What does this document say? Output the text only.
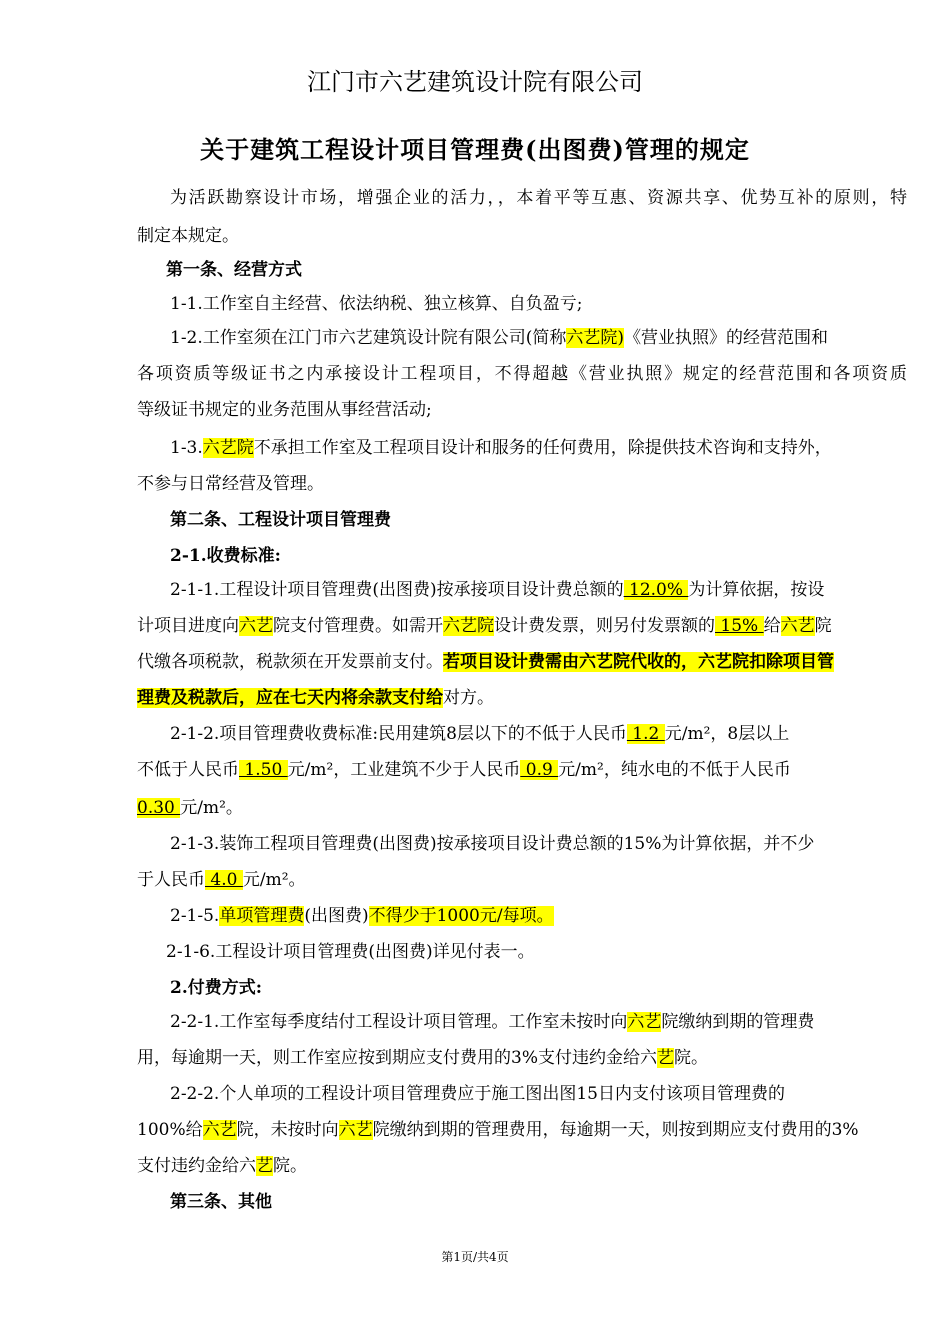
江门市六艺建筑设计院有限公司
关于建筑工程设计项目管理费(出图费)管理的规定
为活跃勘察设计市场，增强企业的活力，，本着平等互惠、资源共享、优势互补的原则，特
制定本规定。
第一条、经营方式
1-1.工作室自主经营、依法纳税、独立核算、自负盈亏;
1-2.工作室须在江门市六艺建筑设计院有限公司(简称六艺院)《营业执照》的经营范围和
各项资质等级证书之内承接设计工程项目，不得超越《营业执照》规定的经营范围和各项资质
等级证书规定的业务范围从事经营活动;
1-3.六艺院不承担工作室及工程项目设计和服务的任何费用，除提供技术咨询和支持外，
不参与日常经营及管理。
第二条、工程设计项目管理费
2-1.收费标准:
2-1-1.工程设计项目管理费(出图费)按承接项目设计费总额的 12.0% 为计算依据，按设
计项目进度向六艺院支付管理费。如需开六艺院设计费发票，则另付发票额的 15% 给六艺院
代缴各项税款，税款须在开发票前支付。若项目设计费需由六艺院代收的，六艺院扣除项目管
理费及税款后，应在七天内将余款支付给对方。
2-1-2.项目管理费收费标准:民用建筑8层以下的不低于人民币 1.2 元/m²，8层以上
不低于人民币 1.50 元/m²，工业建筑不少于人民币 0.9 元/m²，纯水电的不低于人民币
0.30 元/m²。
2-1-3.装饰工程项目管理费(出图费)按承接项目设计费总额的15%为计算依据，并不少
于人民币 4.0 元/m²。
2-1-5.单项管理费(出图费)不得少于1000元/每项。
2-1-6.工程设计项目管理费(出图费)详见付表一。
2.付费方式:
2-2-1.工作室每季度结付工程设计项目管理。工作室未按时向六艺院缴纳到期的管理费
用，每逾期一天，则工作室应按到期应支付费用的3%支付违约金给六艺院。
2-2-2.个人单项的工程设计项目管理费应于施工图出图15日内支付该项目管理费的
100%给六艺院，未按时向六艺院缴纳到期的管理费用，每逾期一天，则按到期应支付费用的3%
支付违约金给六艺院。
第三条、其他
第1页/共4页
